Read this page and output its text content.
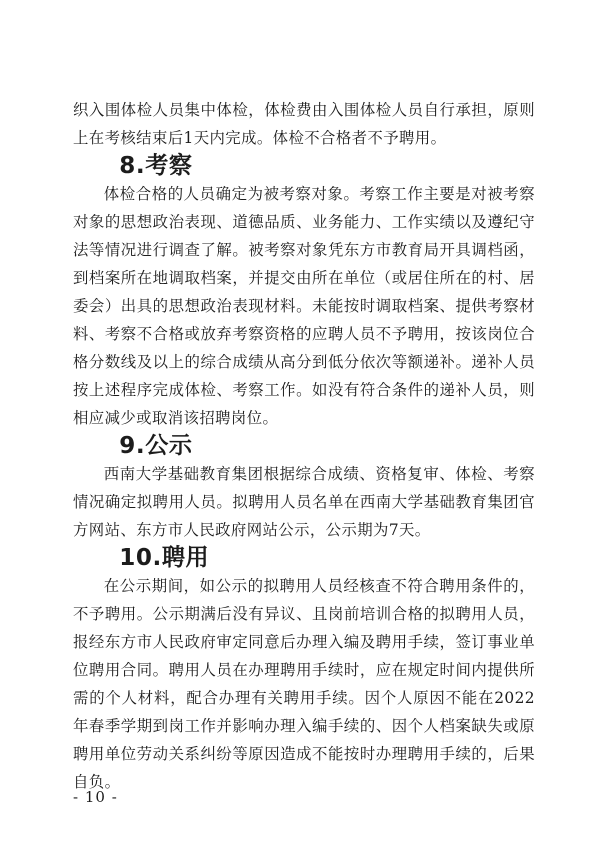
织入围体检人员集中体检，体检费由入围体检人员自行承担，原则上在考核结束后1天内完成。体检不合格者不予聘用。

8.考察

体检合格的人员确定为被考察对象。考察工作主要是对被考察对象的思想政治表现、道德品质、业务能力、工作实绩以及遵纪守法等情况进行调查了解。被考察对象凭东方市教育局开具调档函，到档案所在地调取档案，并提交由所在单位（或居住所在的村、居委会）出具的思想政治表现材料。未能按时调取档案、提供考察材料、考察不合格或放弃考察资格的应聘人员不予聘用，按该岗位合格分数线及以上的综合成绩从高分到低分依次等额递补。递补人员按上述程序完成体检、考察工作。如没有符合条件的递补人员，则相应减少或取消该招聘岗位。

9.公示

西南大学基础教育集团根据综合成绩、资格复审、体检、考察情况确定拟聘用人员。拟聘用人员名单在西南大学基础教育集团官方网站、东方市人民政府网站公示，公示期为7天。

10.聘用

在公示期间，如公示的拟聘用人员经核查不符合聘用条件的，不予聘用。公示期满后没有异议、且岗前培训合格的拟聘用人员，报经东方市人民政府审定同意后办理入编及聘用手续，签订事业单位聘用合同。聘用人员在办理聘用手续时，应在规定时间内提供所需的个人材料，配合办理有关聘用手续。因个人原因不能在2022年春季学期到岗工作并影响办理入编手续的、因个人档案缺失或原聘用单位劳动关系纠纷等原因造成不能按时办理聘用手续的，后果自负。

- 10 -
